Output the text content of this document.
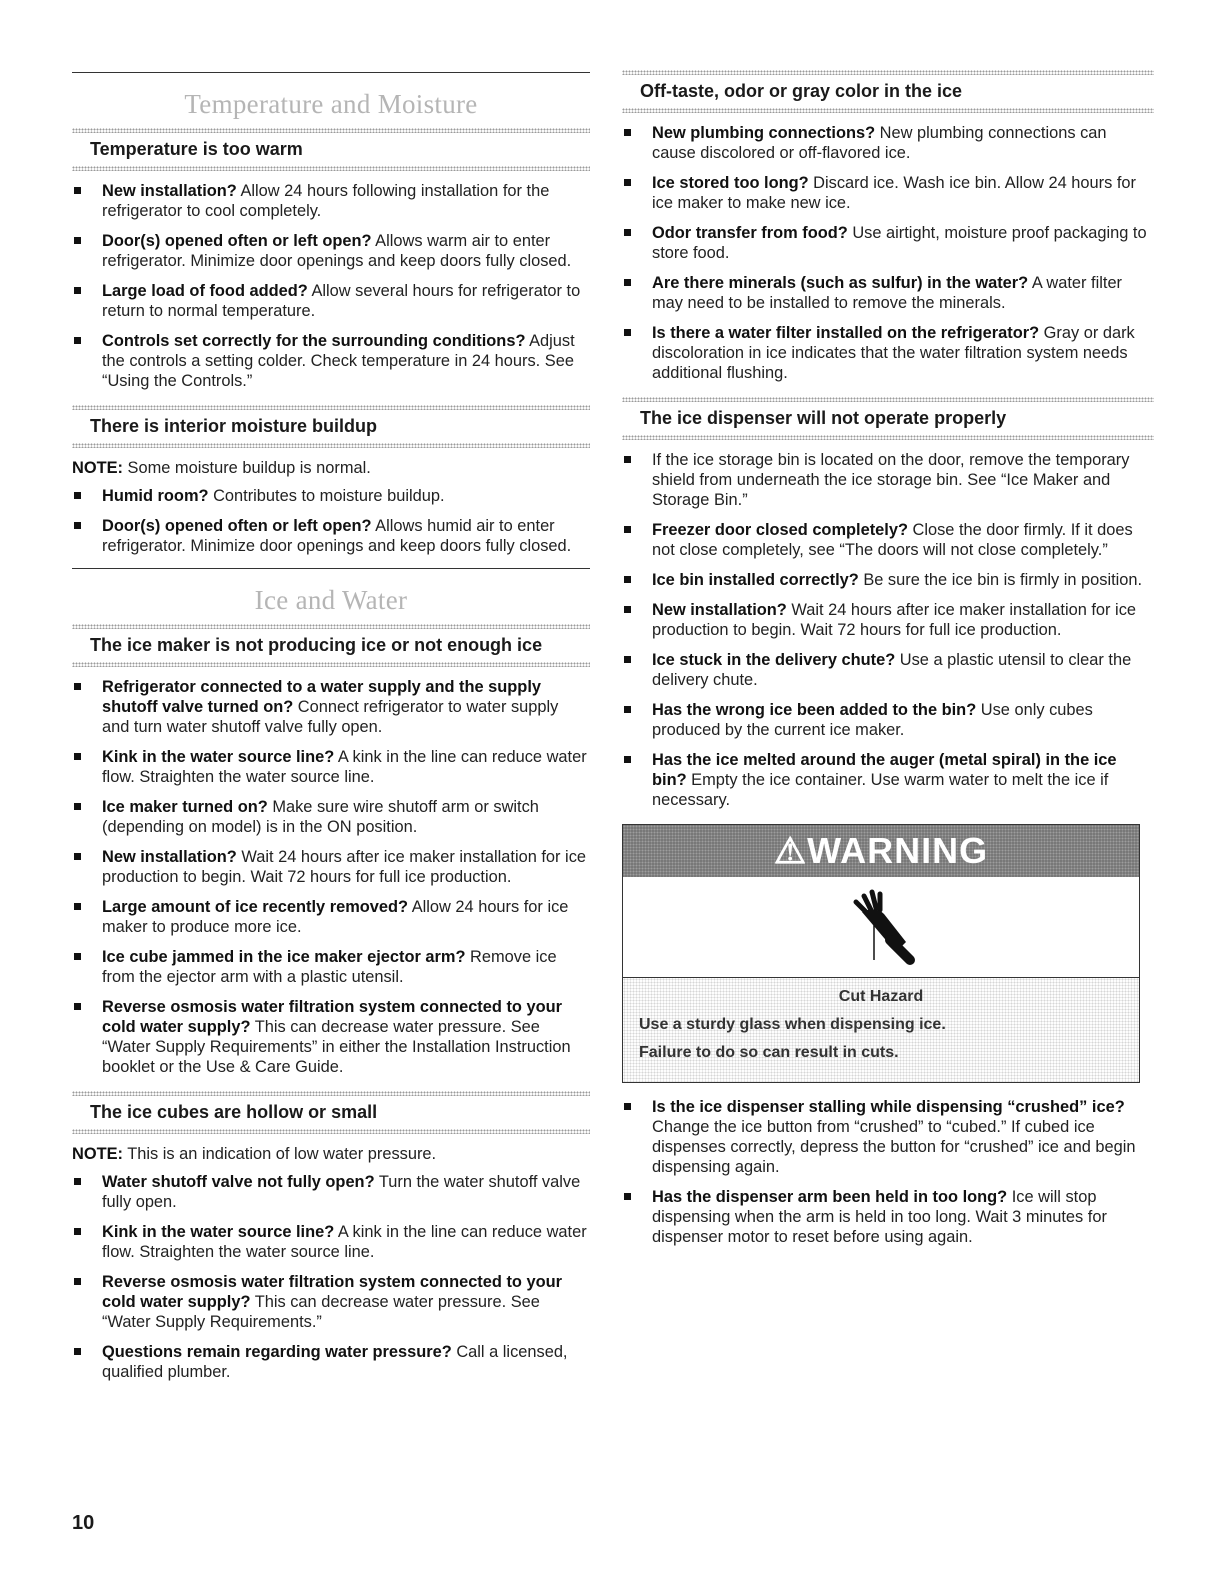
Temperature and Moisture
Temperature is too warm
New installation? Allow 24 hours following installation for the refrigerator to cool completely.
Door(s) opened often or left open? Allows warm air to enter refrigerator. Minimize door openings and keep doors fully closed.
Large load of food added? Allow several hours for refrigerator to return to normal temperature.
Controls set correctly for the surrounding conditions? Adjust the controls a setting colder. Check temperature in 24 hours. See “Using the Controls.”
There is interior moisture buildup

NOTE: Some moisture buildup is normal.

Humid room? Contributes to moisture buildup.
Door(s) opened often or left open? Allows humid air to enter refrigerator. Minimize door openings and keep doors fully closed.
Ice and Water
The ice maker is not producing ice or not enough ice
Refrigerator connected to a water supply and the supply shutoff valve turned on? Connect refrigerator to water supply and turn water shutoff valve fully open.
Kink in the water source line? A kink in the line can reduce water flow. Straighten the water source line.
Ice maker turned on? Make sure wire shutoff arm or switch (depending on model) is in the ON position.
New installation? Wait 24 hours after ice maker installation for ice production to begin. Wait 72 hours for full ice production.
Large amount of ice recently removed? Allow 24 hours for ice maker to produce more ice.
Ice cube jammed in the ice maker ejector arm? Remove ice from the ejector arm with a plastic utensil.
Reverse osmosis water filtration system connected to your cold water supply? This can decrease water pressure. See “Water Supply Requirements” in either the Installation Instruction booklet or the Use & Care Guide.
The ice cubes are hollow or small

NOTE: This is an indication of low water pressure.

Water shutoff valve not fully open? Turn the water shutoff valve fully open.
Kink in the water source line? A kink in the line can reduce water flow. Straighten the water source line.
Reverse osmosis water filtration system connected to your cold water supply? This can decrease water pressure. See “Water Supply Requirements.”
Questions remain regarding water pressure? Call a licensed, qualified plumber.
Off-taste, odor or gray color in the ice
New plumbing connections? New plumbing connections can cause discolored or off-flavored ice.
Ice stored too long? Discard ice. Wash ice bin. Allow 24 hours for ice maker to make new ice.
Odor transfer from food? Use airtight, moisture proof packaging to store food.
Are there minerals (such as sulfur) in the water? A water filter may need to be installed to remove the minerals.
Is there a water filter installed on the refrigerator? Gray or dark discoloration in ice indicates that the water filtration system needs additional flushing.
The ice dispenser will not operate properly
If the ice storage bin is located on the door, remove the temporary shield from underneath the ice storage bin. See “Ice Maker and Storage Bin.”
Freezer door closed completely? Close the door firmly. If it does not close completely, see “The doors will not close completely.”
Ice bin installed correctly? Be sure the ice bin is firmly in position.
New installation? Wait 24 hours after ice maker installation for ice production to begin. Wait 72 hours for full ice production.
Ice stuck in the delivery chute? Use a plastic utensil to clear the delivery chute.
Has the wrong ice been added to the bin? Use only cubes produced by the current ice maker.
Has the ice melted around the auger (metal spiral) in the ice bin? Empty the ice container. Use warm water to melt the ice if necessary.
⚠WARNING

Cut Hazard

Use a sturdy glass when dispensing ice.

Failure to do so can result in cuts.

Is the ice dispenser stalling while dispensing “crushed” ice? Change the ice button from “crushed” to “cubed.” If cubed ice dispenses correctly, depress the button for “crushed” ice and begin dispensing again.
Has the dispenser arm been held in too long? Ice will stop dispensing when the arm is held in too long. Wait 3 minutes for dispenser motor to reset before using again.
10
